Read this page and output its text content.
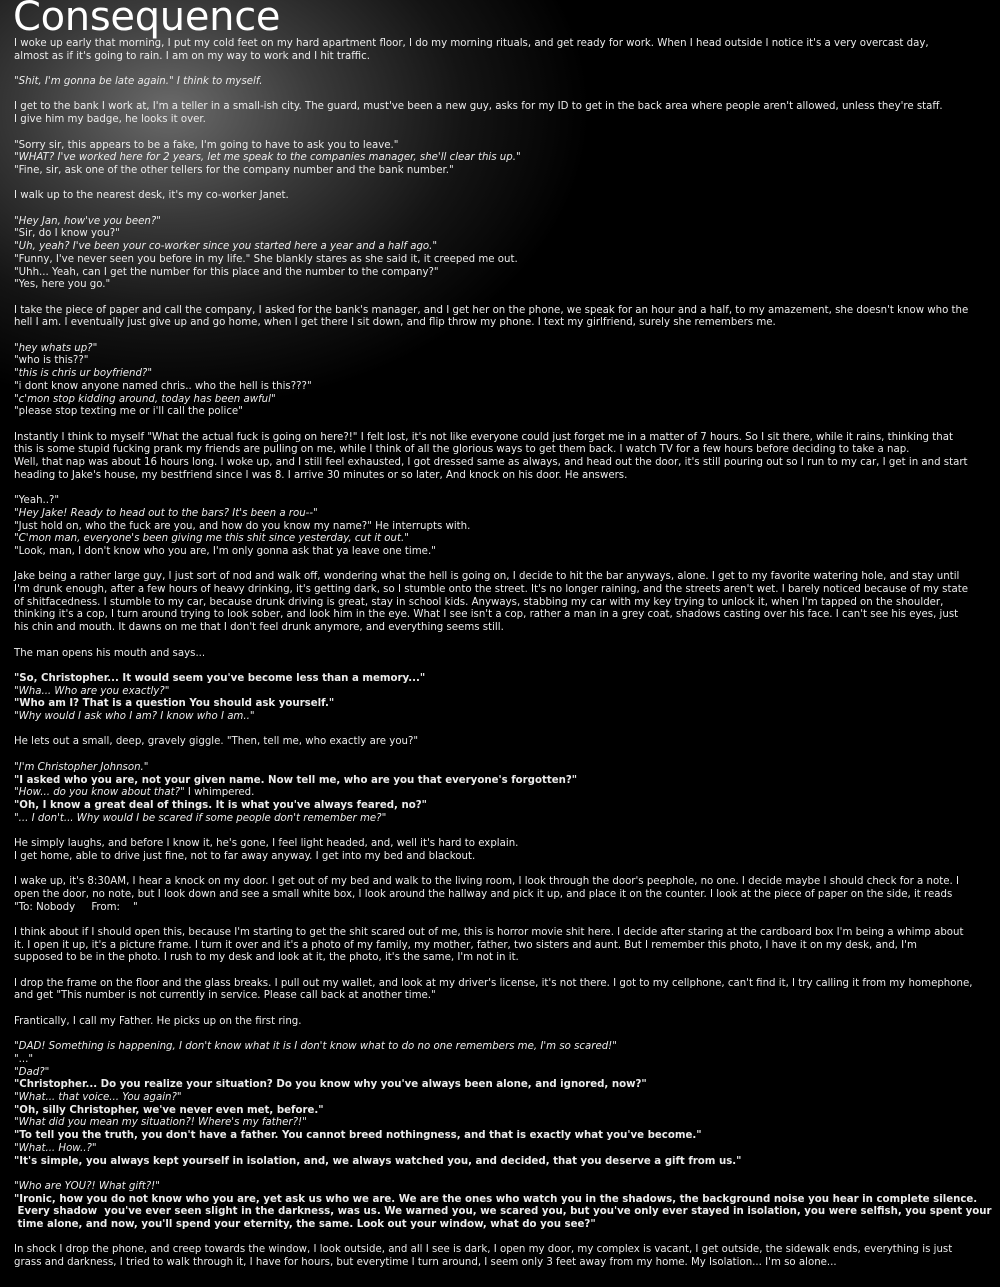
Consequence
I woke up early that morning, I put my cold feet on my hard apartment floor, I do my morning rituals, and get ready for work. When I head outside I notice it's a very overcast day,
almost as if it's going to rain. I am on my way to work and I hit traffic.
"Shit, I'm gonna be late again." I think to myself.
I get to the bank I work at, I'm a teller in a small-ish city. The guard, must've been a new guy, asks for my ID to get in the back area where people aren't allowed, unless they're staff.
I give him my badge, he looks it over.
"Sorry sir, this appears to be a fake, I'm going to have to ask you to leave."
"WHAT? I've worked here for 2 years, let me speak to the companies manager, she'll clear this up."
"Fine, sir, ask one of the other tellers for the company number and the bank number."
I walk up to the nearest desk, it's my co-worker Janet.
"Hey Jan, how've you been?"
"Sir, do I know you?"
"Uh, yeah? I've been your co-worker since you started here a year and a half ago."
"Funny, I've never seen you before in my life." She blankly stares as she said it, it creeped me out.
"Uhh... Yeah, can I get the number for this place and the number to the company?"
"Yes, here you go."
I take the piece of paper and call the company, I asked for the bank's manager, and I get her on the phone, we speak for an hour and a half, to my amazement, she doesn't know who the
hell I am. I eventually just give up and go home, when I get there I sit down, and flip throw my phone. I text my girlfriend, surely she remembers me.
"hey whats up?"
"who is this??"
"this is chris ur boyfriend?"
"i dont know anyone named chris.. who the hell is this???"
"c'mon stop kidding around, today has been awful"
"please stop texting me or i'll call the police"
Instantly I think to myself "What the actual fuck is going on here?!" I felt lost, it's not like everyone could just forget me in a matter of 7 hours. So I sit there, while it rains, thinking that
this is some stupid fucking prank my friends are pulling on me, while I think of all the glorious ways to get them back. I watch TV for a few hours before deciding to take a nap.
Well, that nap was about 16 hours long. I woke up, and I still feel exhausted, I got dressed same as always, and head out the door, it's still pouring out so I run to my car, I get in and start
heading to Jake's house, my bestfriend since I was 8. I arrive 30 minutes or so later, And knock on his door. He answers.
"Yeah..?"
"Hey Jake! Ready to head out to the bars? It's been a rou--"
"Just hold on, who the fuck are you, and how do you know my name?" He interrupts with.
"C'mon man, everyone's been giving me this shit since yesterday, cut it out."
"Look, man, I don't know who you are, I'm only gonna ask that ya leave one time."
Jake being a rather large guy, I just sort of nod and walk off, wondering what the hell is going on, I decide to hit the bar anyways, alone. I get to my favorite watering hole, and stay until
I'm drunk enough, after a few hours of heavy drinking, it's getting dark, so I stumble onto the street. It's no longer raining, and the streets aren't wet. I barely noticed because of my state
of shitfacedness. I stumble to my car, because drunk driving is great, stay in school kids. Anyways, stabbing my car with my key trying to unlock it, when I'm tapped on the shoulder,
thinking it's a cop, I turn around trying to look sober, and look him in the eye. What I see isn't a cop, rather a man in a grey coat, shadows casting over his face. I can't see his eyes, just
his chin and mouth. It dawns on me that I don't feel drunk anymore, and everything seems still.
The man opens his mouth and says...
"So, Christopher... It would seem you've become less than a memory..."
"Wha... Who are you exactly?"
"Who am I? That is a question You should ask yourself."
"Why would I ask who I am? I know who I am.."
He lets out a small, deep, gravely giggle. "Then, tell me, who exactly are you?"
"I'm Christopher Johnson."
"I asked who you are, not your given name. Now tell me, who are you that everyone's forgotten?"
"How... do you know about that?" I whimpered.
"Oh, I know a great deal of things. It is what you've always feared, no?"
"... I don't... Why would I be scared if some people don't remember me?"
He simply laughs, and before I know it, he's gone, I feel light headed, and, well it's hard to explain.
I get home, able to drive just fine, not to far away anyway. I get into my bed and blackout.
I wake up, it's 8:30AM, I hear a knock on my door. I get out of my bed and walk to the living room, I look through the door's peephole, no one. I decide maybe I should check for a note. I
open the door, no note, but I look down and see a small white box, I look around the hallway and pick it up, and place it on the counter. I look at the piece of paper on the side, it reads
"To: Nobody     From:    "
I think about if I should open this, because I'm starting to get the shit scared out of me, this is horror movie shit here. I decide after staring at the cardboard box I'm being a whimp about
it. I open it up, it's a picture frame. I turn it over and it's a photo of my family, my mother, father, two sisters and aunt. But I remember this photo, I have it on my desk, and, I'm
supposed to be in the photo. I rush to my desk and look at it, the photo, it's the same, I'm not in it.
I drop the frame on the floor and the glass breaks. I pull out my wallet, and look at my driver's license, it's not there. I got to my cellphone, can't find it, I try calling it from my homephone,
and get "This number is not currently in service. Please call back at another time."
Frantically, I call my Father. He picks up on the first ring.
"DAD! Something is happening, I don't know what it is I don't know what to do no one remembers me, I'm so scared!"
"..."
"Dad?"
"Christopher... Do you realize your situation? Do you know why you've always been alone, and ignored, now?"
"What... that voice... You again?"
"Oh, silly Christopher, we've never even met, before."
"What did you mean my situation?! Where's my father?!"
"To tell you the truth, you don't have a father. You cannot breed nothingness, and that is exactly what you've become."
"What... How..?"
"It's simple, you always kept yourself in isolation, and, we always watched you, and decided, that you deserve a gift from us."
"Who are YOU?! What gift?!"
"Ironic, how you do not know who you are, yet ask us who we are. We are the ones who watch you in the shadows, the background noise you hear in complete silence.
Every shadow  you've ever seen slight in the darkness, was us. We warned you, we scared you, but you've only ever stayed in isolation, you were selfish, you spent your
time alone, and now, you'll spend your eternity, the same. Look out your window, what do you see?"
In shock I drop the phone, and creep towards the window, I look outside, and all I see is dark, I open my door, my complex is vacant, I get outside, the sidewalk ends, everything is just
grass and darkness, I tried to walk through it, I have for hours, but everytime I turn around, I seem only 3 feet away from my home. My Isolation... I'm so alone...
